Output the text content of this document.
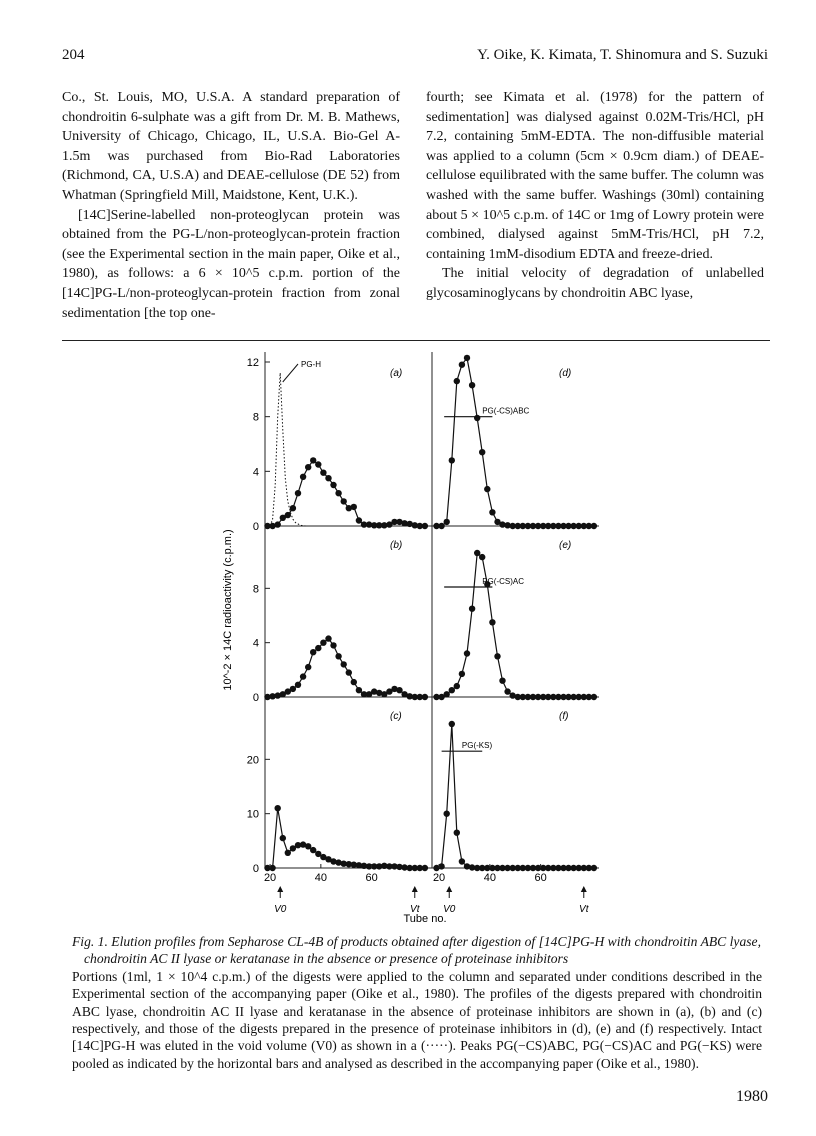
204	Y. Oike, K. Kimata, T. Shinomura and S. Suzuki

Co., St. Louis, MO, U.S.A. A standard preparation of chondroitin 6-sulphate was a gift from Dr. M. B. Mathews, University of Chicago, Chicago, IL, U.S.A. Bio-Gel A-1.5m was purchased from Bio-Rad Laboratories (Richmond, CA, U.S.A) and DEAE-cellulose (DE 52) from Whatman (Springfield Mill, Maidstone, Kent, U.K.).

[14C]Serine-labelled non-proteoglycan protein was obtained from the PG-L/non-proteoglycan-protein fraction (see the Experimental section in the main paper, Oike et al., 1980), as follows: a 6 × 10^5 c.p.m. portion of the [14C]PG-L/non-proteoglycan-protein fraction from zonal sedimentation [the top one-

fourth; see Kimata et al. (1978) for the pattern of sedimentation] was dialysed against 0.02M-Tris/HCl, pH 7.2, containing 5mM-EDTA. The non-diffusible material was applied to a column (5cm × 0.9cm diam.) of DEAE-cellulose equilibrated with the same buffer. The column was washed with the same buffer. Washings (30ml) containing about 5 × 10^5 c.p.m. of 14C or 1mg of Lowry protein were combined, dialysed against 5mM-Tris/HCl, pH 7.2, containing 1mM-disodium EDTA and freeze-dried.

The initial velocity of degradation of unlabelled glycosaminoglycans by chondroitin ABC lyase,

0
4
8
12
(a)
PG-H
0
4
8
(b)
0
10
20
(c)
20	40	60
V0	Vt
(d)
PG(-CS)ABC
(e)
PG(-CS)AC
(f)
PG(-KS)
20	40	60
V0	Vt
10^-2 × 14C radioactivity (c.p.m.)
Tube no.
Fig. 1. Elution profiles from Sepharose CL-4B of products obtained after digestion of [14C]PG-H with chondroitin ABC lyase, chondroitin AC II lyase or keratanase in the absence or presence of proteinase inhibitors
Portions (1ml, 1 × 10^4 c.p.m.) of the digests were applied to the column and separated under conditions described in the Experimental section of the accompanying paper (Oike et al., 1980). The profiles of the digests prepared with chondroitin ABC lyase, chondroitin AC II lyase and keratanase in the absence of proteinase inhibitors are shown in (a), (b) and (c) respectively, and those of the digests prepared in the presence of proteinase inhibitors in (d), (e) and (f) respectively. Intact [14C]PG-H was eluted in the void volume (V0) as shown in a (·····). Peaks PG(−CS)ABC, PG(−CS)AC and PG(−KS) were pooled as indicated by the horizontal bars and analysed as described in the accompanying paper (Oike et al., 1980).
1980
